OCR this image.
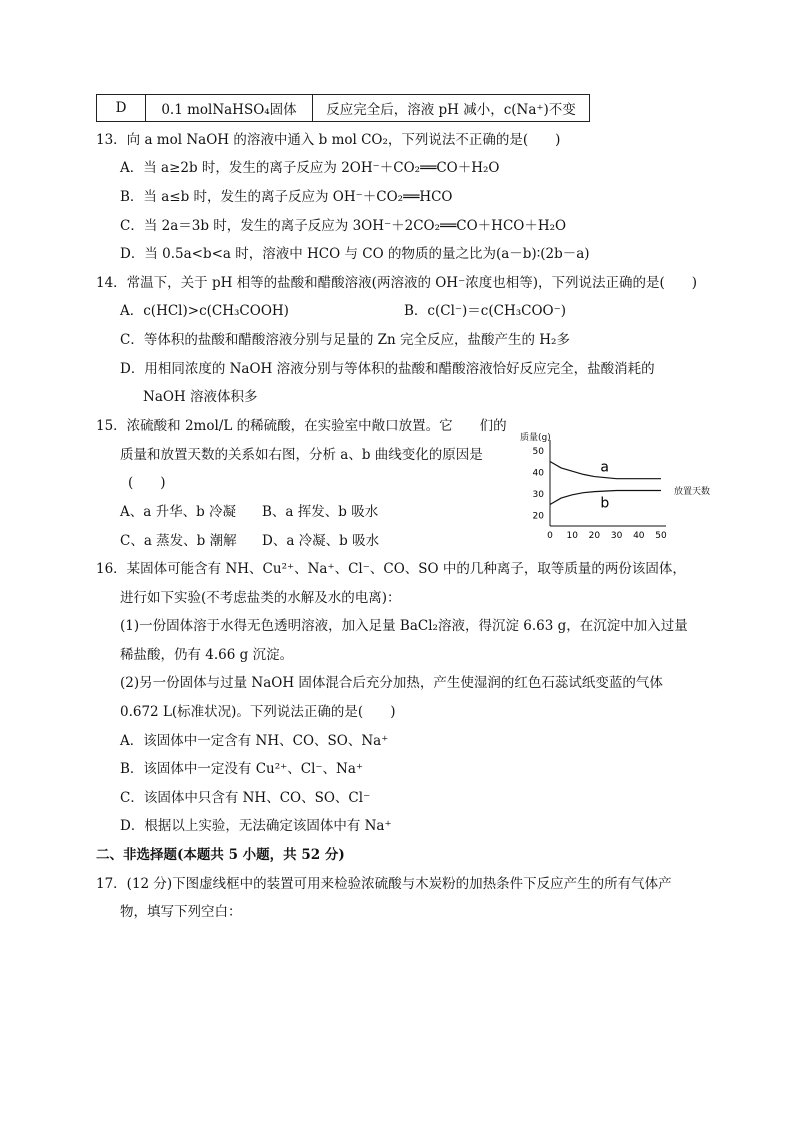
D	0.1 molNaHSO₄固体	反应完全后，溶液 pH 减小，c(Na⁺)不变
13．向 a mol NaOH 的溶液中通入 b mol CO₂，下列说法不正确的是(　　)
A．当 a≥2b 时，发生的离子反应为 2OH⁻＋CO₂══CO＋H₂O
B．当 a≤b 时，发生的离子反应为 OH⁻＋CO₂══HCO
C．当 2a＝3b 时，发生的离子反应为 3OH⁻＋2CO₂══CO＋HCO＋H₂O
D．当 0.5a<b<a 时，溶液中 HCO 与 CO 的物质的量之比为(a－b)∶(2b－a)
14．常温下，关于 pH 相等的盐酸和醋酸溶液(两溶液的 OH⁻浓度也相等)，下列说法正确的是(　　)
A．c(HCl)>c(CH₃COOH)	B．c(Cl⁻)＝c(CH₃COO⁻)
C．等体积的盐酸和醋酸溶液分别与足量的 Zn 完全反应，盐酸产生的 H₂多
D．用相同浓度的 NaOH 溶液分别与等体积的盐酸和醋酸溶液恰好反应完全，盐酸消耗的
NaOH 溶液体积多
15．浓硫酸和 2mol/L 的稀硫酸，在实验室中敞口放置。它　　们的
质量和放置天数的关系如右图，分析 a、b 曲线变化的原因是
(　　)
A、a 升华、b 冷凝 B、a 挥发、b 吸水
C、a 蒸发、b 潮解 D、a 冷凝、b 吸水
质量(g)
放置天数
0 10 20 30 40 50
20
30
40
50
a
b
16．某固体可能含有 NH、Cu²⁺、Na⁺、Cl⁻、CO、SO 中的几种离子，取等质量的两份该固体，
进行如下实验(不考虑盐类的水解及水的电离)：
(1)一份固体溶于水得无色透明溶液，加入足量 BaCl₂溶液，得沉淀 6.63 g，在沉淀中加入过量
稀盐酸，仍有 4.66 g 沉淀。
(2)另一份固体与过量 NaOH 固体混合后充分加热，产生使湿润的红色石蕊试纸变蓝的气体
0.672 L(标准状况)。下列说法正确的是(　　)
A．该固体中一定含有 NH、CO、SO、Na⁺
B．该固体中一定没有 Cu²⁺、Cl⁻、Na⁺
C．该固体中只含有 NH、CO、SO、Cl⁻
D．根据以上实验，无法确定该固体中有 Na⁺
二、非选择题(本题共 5 小题，共 52 分)
17．(12 分)下图虚线框中的装置可用来检验浓硫酸与木炭粉的加热条件下反应产生的所有气体产
物，填写下列空白：
